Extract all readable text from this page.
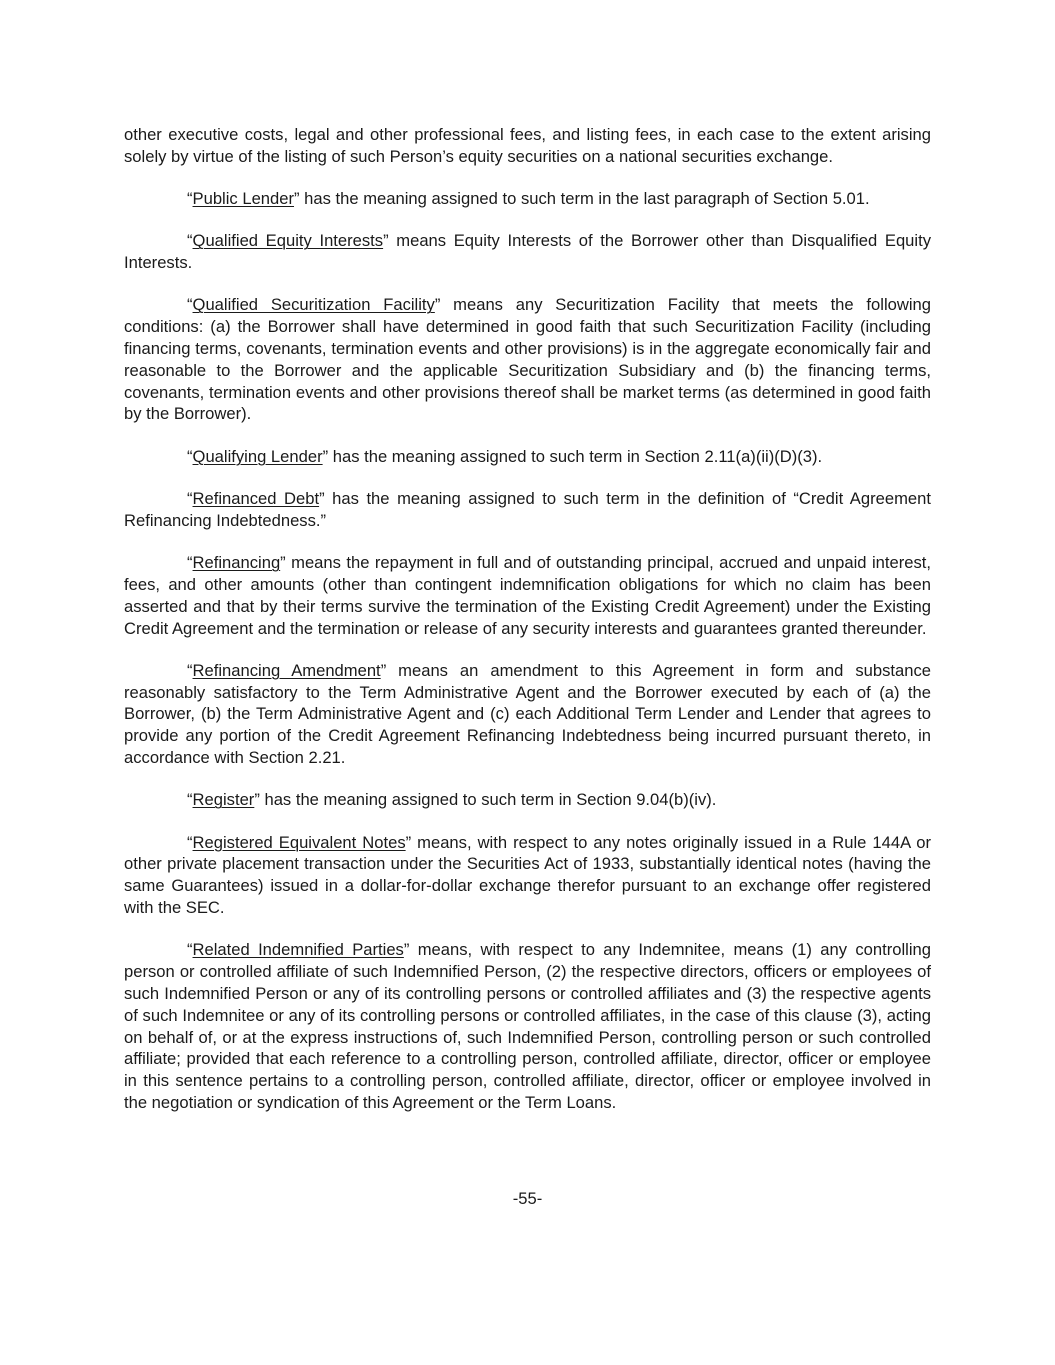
other executive costs, legal and other professional fees, and listing fees, in each case to the extent arising solely by virtue of the listing of such Person’s equity securities on a national securities exchange.

“Public Lender” has the meaning assigned to such term in the last paragraph of Section 5.01.

“Qualified Equity Interests” means Equity Interests of the Borrower other than Disqualified Equity Interests.

“Qualified Securitization Facility” means any Securitization Facility that meets the following conditions: (a) the Borrower shall have determined in good faith that such Securitization Facility (including financing terms, covenants, termination events and other provisions) is in the aggregate economically fair and reasonable to the Borrower and the applicable Securitization Subsidiary and (b) the financing terms, covenants, termination events and other provisions thereof shall be market terms (as determined in good faith by the Borrower).

“Qualifying Lender” has the meaning assigned to such term in Section 2.11(a)(ii)(D)(3).

“Refinanced Debt” has the meaning assigned to such term in the definition of “Credit Agreement Refinancing Indebtedness.”

“Refinancing” means the repayment in full and of outstanding principal, accrued and unpaid interest, fees, and other amounts (other than contingent indemnification obligations for which no claim has been asserted and that by their terms survive the termination of the Existing Credit Agreement) under the Existing Credit Agreement and the termination or release of any security interests and guarantees granted thereunder.

“Refinancing Amendment” means an amendment to this Agreement in form and substance reasonably satisfactory to the Term Administrative Agent and the Borrower executed by each of (a) the Borrower, (b) the Term Administrative Agent and (c) each Additional Term Lender and Lender that agrees to provide any portion of the Credit Agreement Refinancing Indebtedness being incurred pursuant thereto, in accordance with Section 2.21.

“Register” has the meaning assigned to such term in Section 9.04(b)(iv).

“Registered Equivalent Notes” means, with respect to any notes originally issued in a Rule 144A or other private placement transaction under the Securities Act of 1933, substantially identical notes (having the same Guarantees) issued in a dollar-for-dollar exchange therefor pursuant to an exchange offer registered with the SEC.

“Related Indemnified Parties” means, with respect to any Indemnitee, means (1) any controlling person or controlled affiliate of such Indemnified Person, (2) the respective directors, officers or employees of such Indemnified Person or any of its controlling persons or controlled affiliates and (3) the respective agents of such Indemnitee or any of its controlling persons or controlled affiliates, in the case of this clause (3), acting on behalf of, or at the express instructions of, such Indemnified Person, controlling person or such controlled affiliate; provided that each reference to a controlling person, controlled affiliate, director, officer or employee in this sentence pertains to a controlling person, controlled affiliate, director, officer or employee involved in the negotiation or syndication of this Agreement or the Term Loans.

-55-
